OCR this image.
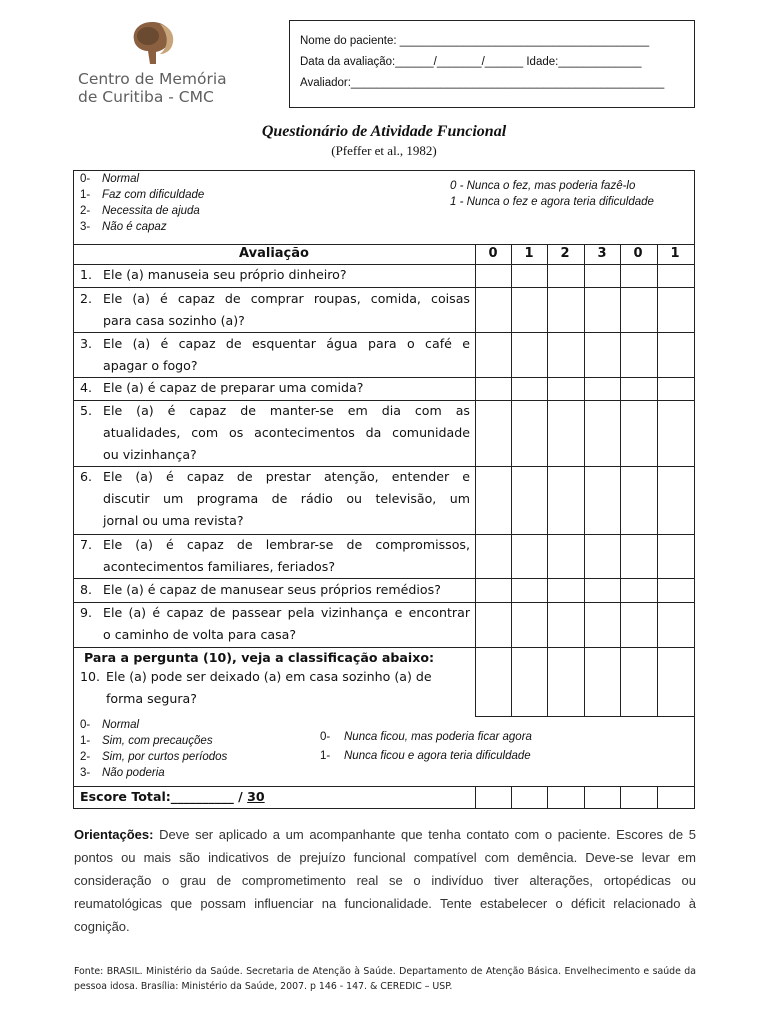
Centro de Memória
de Curitiba - CMC
Nome do paciente: _______________________________________
Data da avaliação:______/_______/______ Idade:_____________
Avaliador:_________________________________________________
Questionário de Atividade Funcional
(Pfeffer et al., 1982)
0- Normal
1- Faz com dificuldade
2- Necessita de ajuda
3- Não é capaz
0 - Nunca o fez, mas poderia fazê-lo
1 - Nunca o fez e agora teria dificuldade
Avaliação	0	1	2	3	0	1
1. Ele (a) manuseia seu próprio dinheiro?
2. Ele (a) é capaz de comprar roupas, comida, coisas
para casa sozinho (a)?
3. Ele (a) é capaz de esquentar água para o café e
apagar o fogo?
4. Ele (a) é capaz de preparar uma comida?
5. Ele (a) é capaz de manter-se em dia com as
atualidades, com os acontecimentos da comunidade
ou vizinhança?
6. Ele (a) é capaz de prestar atenção, entender e
discutir um programa de rádio ou televisão, um
jornal ou uma revista?
7. Ele (a) é capaz de lembrar-se de compromissos,
acontecimentos familiares, feriados?
8. Ele (a) é capaz de manusear seus próprios remédios?
9. Ele (a) é capaz de passear pela vizinhança e encontrar
o caminho de volta para casa?
Para a pergunta (10), veja a classificação abaixo:
10. Ele (a) pode ser deixado (a) em casa sozinho (a) de
forma segura?
0- Normal
1- Sim, com precauções
2- Sim, por curtos períodos
3- Não poderia
0- Nunca ficou, mas poderia ficar agora
1- Nunca ficou e agora teria dificuldade
Escore Total:__________ / 30
Orientações: Deve ser aplicado a um acompanhante que tenha contato com o paciente. Escores de 5 pontos ou mais são indicativos de prejuízo funcional compatível com demência. Deve-se levar em consideração o grau de comprometimento real se o indivíduo tiver alterações, ortopédicas ou reumatológicas que possam influenciar na funcionalidade. Tente estabelecer o déficit relacionado à cognição.
Fonte: BRASIL. Ministério da Saúde. Secretaria de Atenção à Saúde. Departamento de Atenção Básica. Envelhecimento e saúde da pessoa idosa. Brasília: Ministério da Saúde, 2007. p 146 - 147. & CEREDIC – USP.
